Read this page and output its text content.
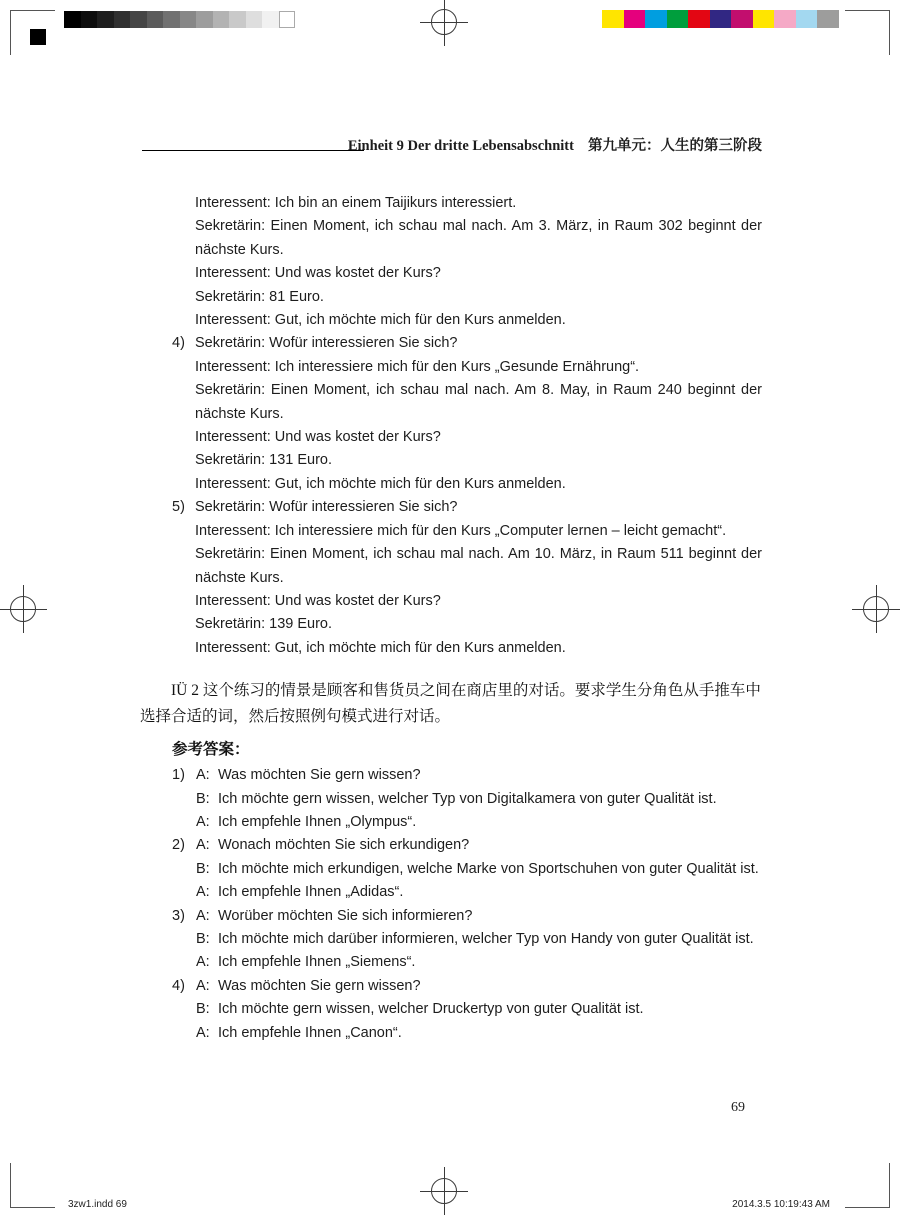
Einheit 9 Der dritte Lebensabschnitt 第九单元：人生的第三阶段
Interessent: Ich bin an einem Taijikurs interessiert.
Sekretärin: Einen Moment, ich schau mal nach. Am 3. März, in Raum 302 beginnt der nächste Kurs.
Interessent: Und was kostet der Kurs?
Sekretärin: 81 Euro.
Interessent: Gut, ich möchte mich für den Kurs anmelden.
4) Sekretärin: Wofür interessieren Sie sich?
Interessent: Ich interessiere mich für den Kurs „Gesunde Ernährung“.
Sekretärin: Einen Moment, ich schau mal nach. Am 8. May, in Raum 240 beginnt der nächste Kurs.
Interessent: Und was kostet der Kurs?
Sekretärin: 131 Euro.
Interessent: Gut, ich möchte mich für den Kurs anmelden.
5) Sekretärin: Wofür interessieren Sie sich?
Interessent: Ich interessiere mich für den Kurs „Computer lernen – leicht gemacht“.
Sekretärin: Einen Moment, ich schau mal nach. Am 10. März, in Raum 511 beginnt der nächste Kurs.
Interessent: Und was kostet der Kurs?
Sekretärin: 139 Euro.
Interessent: Gut, ich möchte mich für den Kurs anmelden.

IÜ 2 这个练习的情景是顾客和售货员之间在商店里的对话。要求学生分角色从手推车中选择合适的词，然后按照例句模式进行对话。

参考答案：

1) A: Was möchten Sie gern wissen?
B: Ich möchte gern wissen, welcher Typ von Digitalkamera von guter Qualität ist.
A: Ich empfehle Ihnen „Olympus“.
2) A: Wonach möchten Sie sich erkundigen?
B: Ich möchte mich erkundigen, welche Marke von Sportschuhen von guter Qualität ist.
A: Ich empfehle Ihnen „Adidas“.
3) A: Worüber möchten Sie sich informieren?
B: Ich möchte mich darüber informieren, welcher Typ von Handy von guter Qualität ist.
A: Ich empfehle Ihnen „Siemens“.
4) A: Was möchten Sie gern wissen?
B: Ich möchte gern wissen, welcher Druckertyp von guter Qualität ist.
A: Ich empfehle Ihnen „Canon“.
69
3zw1.indd 69	2014.3.5 10:19:43 AM
